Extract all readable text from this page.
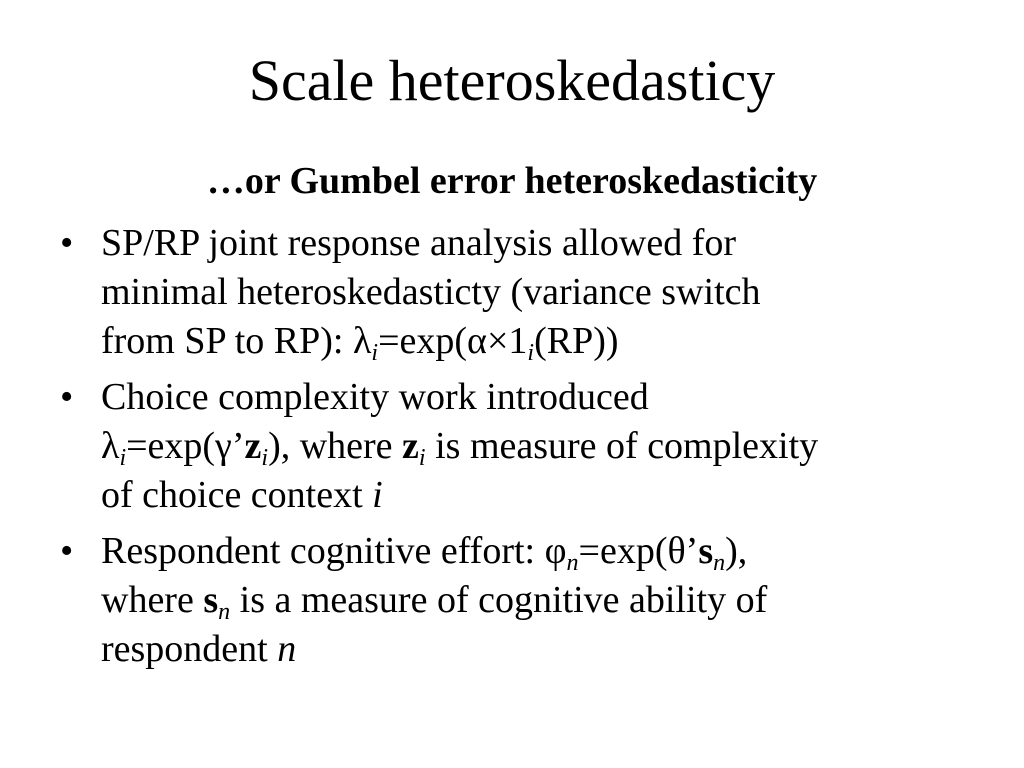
Scale heteroskedasticy
…or Gumbel error heteroskedasticity
• SP/RP joint response analysis allowed for
minimal heteroskedasticty (variance switch
from SP to RP): $\lambda_i=\exp(\alpha\times 1_i(RP))$
• Choice complexity work introduced
$\lambda_i=\exp(\gamma’z_i)$, where $z_i$ is measure of complexity
of choice context i
• Respondent cognitive effort: $\varphi_n=\exp(\theta’s_n)$,
where $s_n$ is a measure of cognitive ability of
respondent n
